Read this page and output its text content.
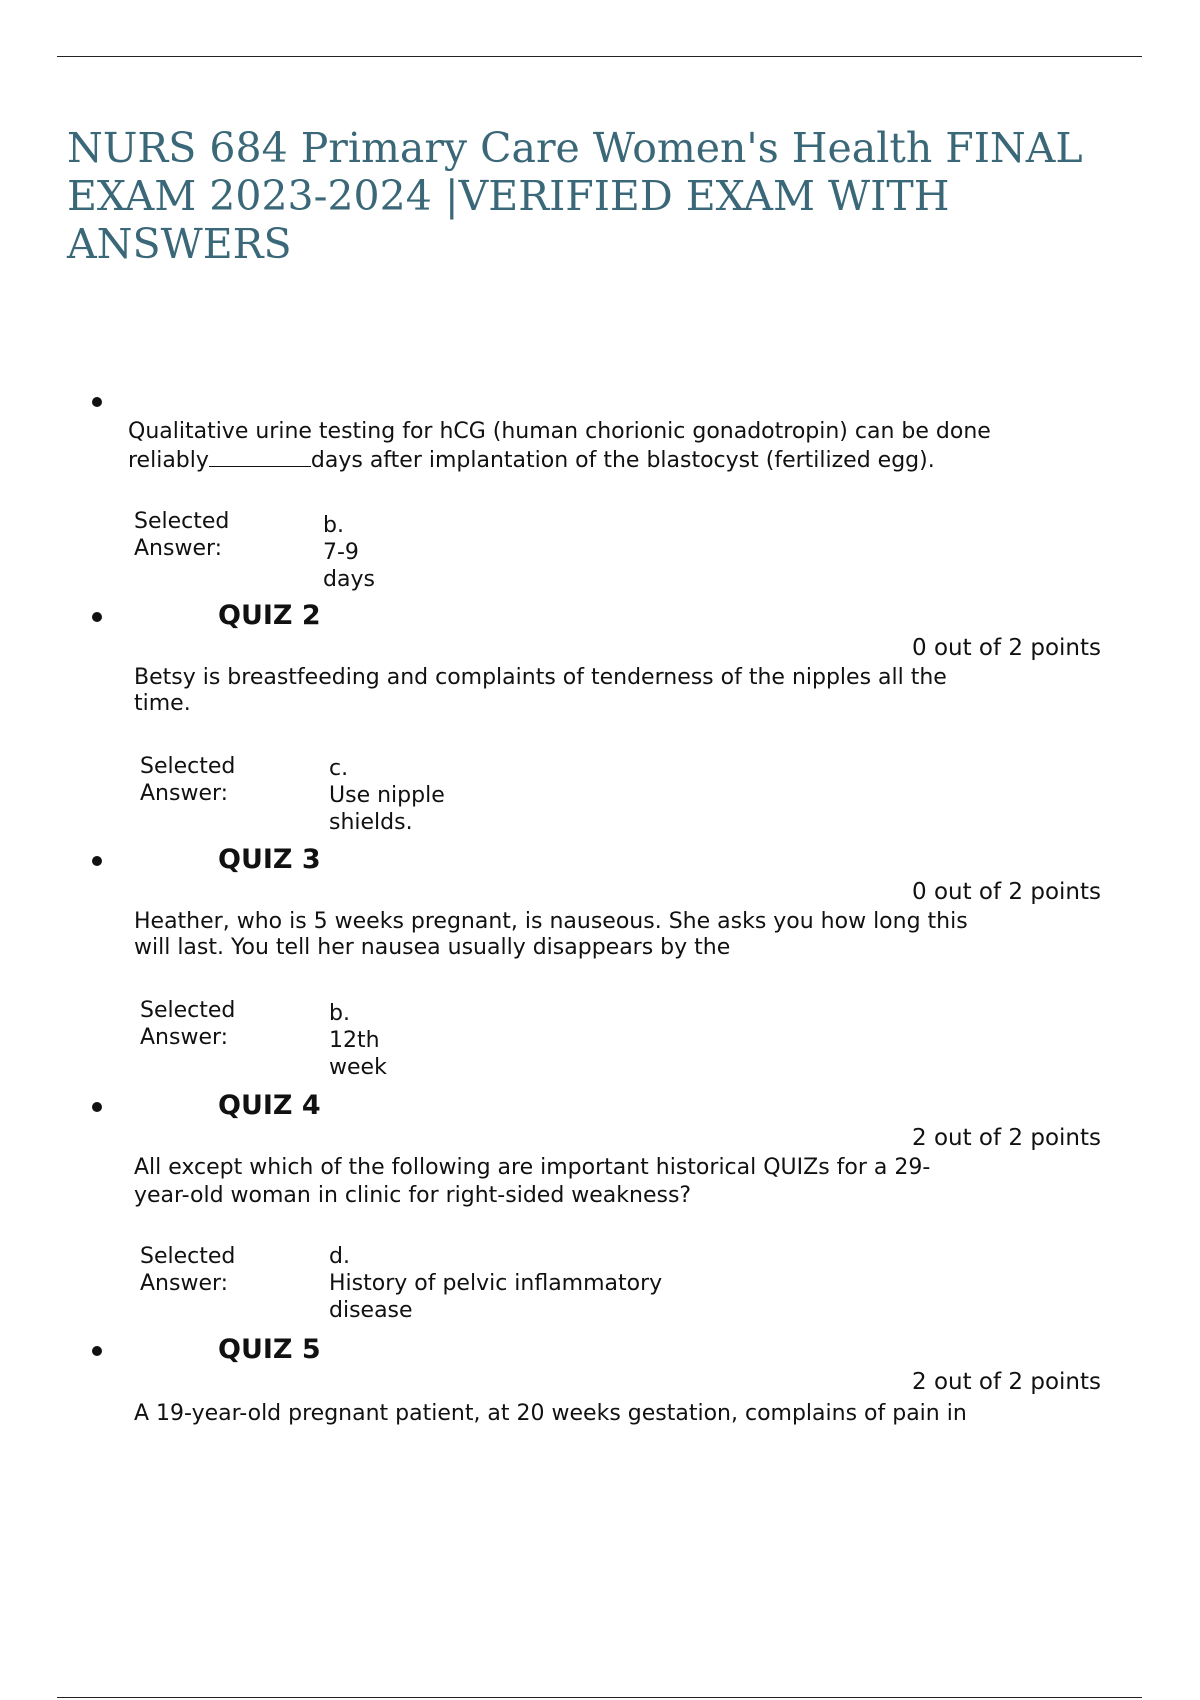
NURS 684 Primary Care Women's Health FINAL
EXAM 2023-2024 |VERIFIED EXAM WITH
ANSWERS
Qualitative urine testing for hCG (human chorionic gonadotropin) can be done
reliably	days after implantation of the blastocyst (fertilized egg).
Selected
Answer:
b.
7-9
days
QUIZ 2
0 out of 2 points
Betsy is breastfeeding and complaints of tenderness of the nipples all the
time.
Selected
Answer:
c.
Use nipple
shields.
QUIZ 3
0 out of 2 points
Heather, who is 5 weeks pregnant, is nauseous. She asks you how long this
will last. You tell her nausea usually disappears by the
Selected
Answer:
b.
12th
week
QUIZ 4
2 out of 2 points
All except which of the following are important historical QUIZs for a 29-
year-old woman in clinic for right-sided weakness?
Selected
Answer:
d.
History of pelvic inflammatory
disease
QUIZ 5
2 out of 2 points
A 19-year-old pregnant patient, at 20 weeks gestation, complains of pain in
